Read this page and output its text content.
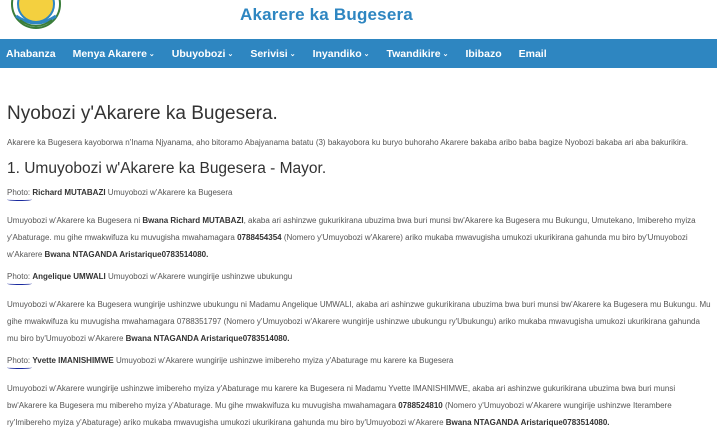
Akarere ka Bugesera
Ahabanza Menya Akarere ⌄ Ubuyobozi ⌄ Serivisi ⌄ Inyandiko ⌄ Twandikire ⌄ Ibibazo Email
Nyobozi y'Akarere ka Bugesera.

Akarere ka Bugesera kayoborwa n'Inama Njyanama, aho bitoramo Abajyanama batatu (3) bakayobora ku buryo buhoraho Akarere bakaba aribo baba bagize Nyobozi bakaba ari aba bakurikira.

1. Umuyobozi w'Akarere ka Bugesera - Mayor.
Photo: Richard MUTABAZI Umuyobozi w'Akarere ka Bugesera

Umuyobozi w'Akarere ka Bugesera ni Bwana Richard MUTABAZI, akaba ari ashinzwe gukurikirana ubuzima bwa buri munsi bw'Akarere ka Bugesera mu Bukungu, Umutekano, Imibereho myiza y'Abaturage. mu gihe mwakwifuza ku muvugisha mwahamagara 0788454354 (Nomero y'Umuyobozi w'Akarere) ariko mukaba mwavugisha umukozi ukurikirana gahunda mu biro by'Umuyobozi w'Akarere Bwana NTAGANDA Aristarique0783514080.

Photo: Angelique UMWALI Umuyobozi w'Akarere wungirije ushinzwe ubukungu

Umuyobozi w'Akarere ka Bugesera wungirije ushinzwe ubukungu ni Madamu Angelique UMWALI, akaba ari ashinzwe gukurikirana ubuzima bwa buri munsi bw'Akarere ka Bugesera mu Bukungu. Mu gihe mwakwifuza ku muvugisha mwahamagara 0788351797 (Nomero y'Umuyobozi w'Akarere wungirije ushinzwe ubukungu ry'Ubukungu) ariko mukaba mwavugisha umukozi ukurikirana gahunda mu biro by'Umuyobozi w'Akarere Bwana NTAGANDA Aristarique0783514080.

Photo: Yvette IMANISHIMWE Umuyobozi w'Akarere wungirije ushinzwe imibereho myiza y'Abaturage mu karere ka Bugesera

Umuyobozi w'Akarere wungirije ushinzwe imibereho myiza y'Abaturage mu karere ka Bugesera ni Madamu Yvette IMANISHIMWE, akaba ari ashinzwe gukurikirana ubuzima bwa buri munsi bw'Akarere ka Bugesera mu mibereho myiza y'Abaturage. Mu gihe mwakwifuza ku muvugisha mwahamagara 0788524810 (Nomero y'Umuyobozi w'Akarere wungirije ushinzwe Iterambere ry'Imibereho myiza y'Abaturage) ariko mukaba mwavugisha umukozi ukurikirana gahunda mu biro by'Umuyobozi w'Akarere Bwana NTAGANDA Aristarique0783514080.
